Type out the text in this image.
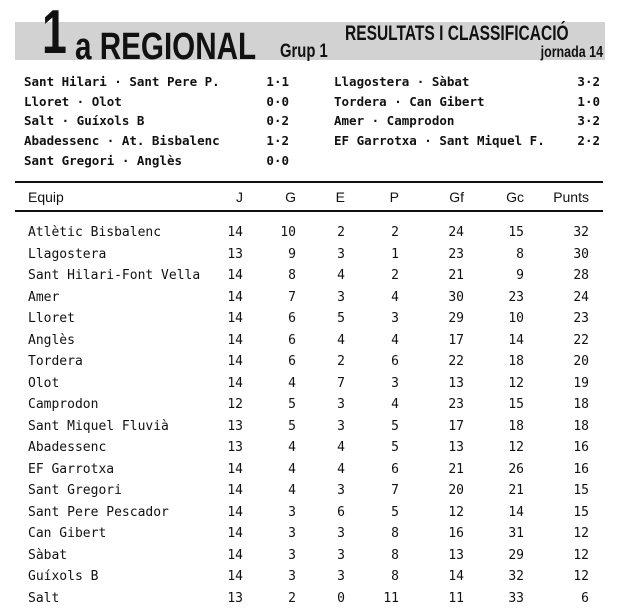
1 a REGIONAL Grup 1
RESULTATS I CLASSIFICACIÓ
jornada 14
Sant Hilari · Sant Pere P.	1·1
Lloret · Olot	0·0
Salt · Guíxols B	0·2
Abadessenc · At. Bisbalenc	1·2
Sant Gregori · Anglès	0·0
Llagostera · Sàbat	3·2
Tordera · Can Gibert	1·0
Amer · Camprodon	3·2
EF Garrotxa · Sant Miquel F.	2·2
Equip	J	G	E	P	Gf	Gc Punts
Atlètic Bisbalenc	14	10	2	2	24	15	32
Llagostera	13	9	3	1	23	8	30
Sant Hilari-Font Vella	14	8	4	2	21	9	28
Amer	14	7	3	4	30	23	24
Lloret	14	6	5	3	29	10	23
Anglès	14	6	4	4	17	14	22
Tordera	14	6	2	6	22	18	20
Olot	14	4	7	3	13	12	19
Camprodon	12	5	3	4	23	15	18
Sant Miquel Fluvià	13	5	3	5	17	18	18
Abadessenc	13	4	4	5	13	12	16
EF Garrotxa	14	4	4	6	21	26	16
Sant Gregori	14	4	3	7	20	21	15
Sant Pere Pescador	14	3	6	5	12	14	15
Can Gibert	14	3	3	8	16	31	12
Sàbat	14	3	3	8	13	29	12
Guíxols B	14	3	3	8	14	32	12
Salt	13	2	0	11	11	33	6
